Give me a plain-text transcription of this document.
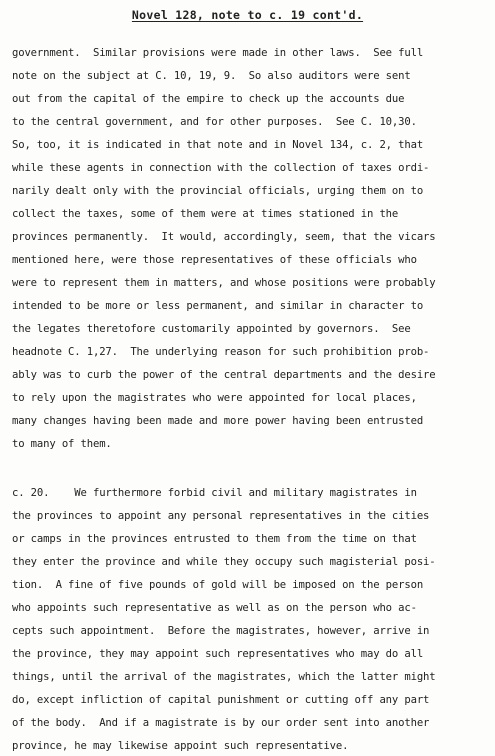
Novel 128, note to c. 19 cont'd.
government.  Similar provisions were made in other laws.  See full
note on the subject at C. 10, 19, 9.  So also auditors were sent
out from the capital of the empire to check up the accounts due
to the central government, and for other purposes.  See C. 10,30.
So, too, it is indicated in that note and in Novel 134, c. 2, that
while these agents in connection with the collection of taxes ordi-
narily dealt only with the provincial officials, urging them on to
collect the taxes, some of them were at times stationed in the
provinces permanently.  It would, accordingly, seem, that the vicars
mentioned here, were those representatives of these officials who
were to represent them in matters, and whose positions were probably
intended to be more or less permanent, and similar in character to
the legates theretofore customarily appointed by governors.  See
headnote C. 1,27.  The underlying reason for such prohibition prob-
ably was to curb the power of the central departments and the desire
to rely upon the magistrates who were appointed for local places,
many changes having been made and more power having been entrusted
to many of them.
c. 20.    We furthermore forbid civil and military magistrates in
the provinces to appoint any personal representatives in the cities
or camps in the provinces entrusted to them from the time on that
they enter the province and while they occupy such magisterial posi-
tion.  A fine of five pounds of gold will be imposed on the person
who appoints such representative as well as on the person who ac-
cepts such appointment.  Before the magistrates, however, arrive in
the province, they may appoint such representatives who may do all
things, until the arrival of the magistrates, which the latter might
do, except infliction of capital punishment or cutting off any part
of the body.  And if a magistrate is by our order sent into another
province, he may likewise appoint such representative.
